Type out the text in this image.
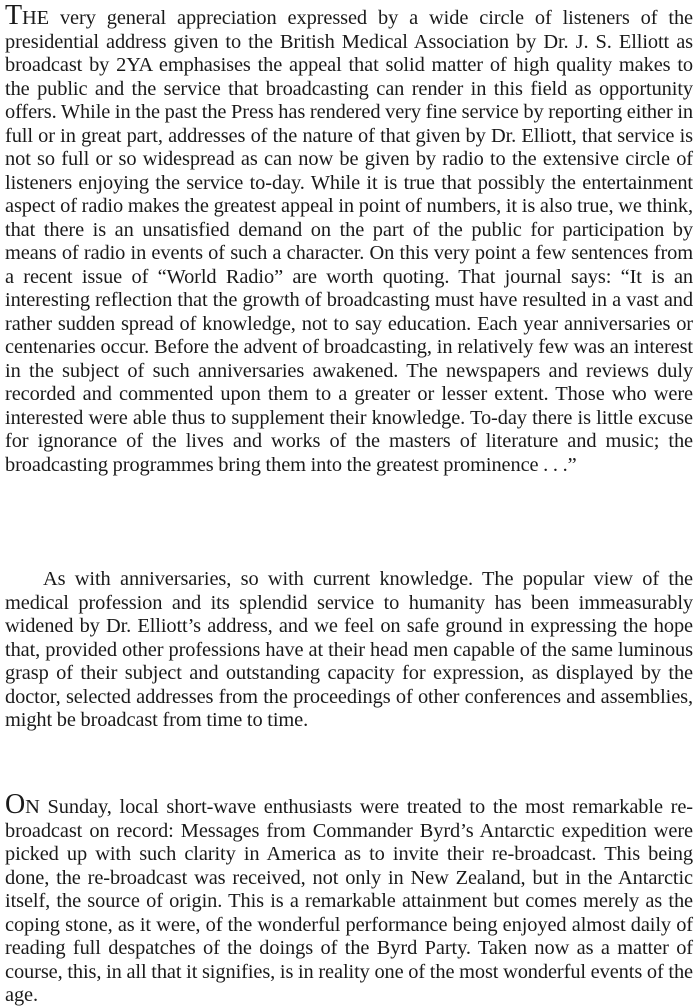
THE very general appreciation expressed by a wide circle of listeners of the presidential address given to the British Medical Association by Dr. J. S. Elliott as broadcast by 2YA emphasises the appeal that solid matter of high quality makes to the public and the service that broadcasting can render in this field as opportunity offers. While in the past the Press has rendered very fine service by reporting either in full or in great part, addresses of the nature of that given by Dr. Elliott, that service is not so full or so widespread as can now be given by radio to the extensive circle of listeners enjoying the service to-day. While it is true that possibly the entertainment aspect of radio makes the greatest appeal in point of numbers, it is also true, we think, that there is an unsatisfied demand on the part of the public for participation by means of radio in events of such a character. On this very point a few sentences from a recent issue of “World Radio” are worth quoting. That journal says: “It is an interesting reflection that the growth of broadcasting must have resulted in a vast and rather sudden spread of knowledge, not to say education. Each year anniversaries or centenaries occur. Before the advent of broadcasting, in relatively few was an interest in the subject of such anniversaries awakened. The newspapers and reviews duly recorded and commented upon them to a greater or lesser extent. Those who were interested were able thus to supplement their knowledge. To-day there is little excuse for ignorance of the lives and works of the masters of literature and music; the broadcasting programmes bring them into the greatest prominence . . .”

As with anniversaries, so with current knowledge. The popular view of the medical profession and its splendid service to humanity has been immeasurably widened by Dr. Elliott’s address, and we feel on safe ground in expressing the hope that, provided other professions have at their head men capable of the same luminous grasp of their subject and outstanding capacity for expression, as displayed by the doctor, selected addresses from the proceedings of other conferences and assemblies, might be broadcast from time to time.

ON Sunday, local short-wave enthusiasts were treated to the most remarkable re-broadcast on record: Messages from Commander Byrd’s Antarctic expedition were picked up with such clarity in America as to invite their re-broadcast. This being done, the re-broadcast was received, not only in New Zealand, but in the Antarctic itself, the source of origin. This is a remarkable attainment but comes merely as the coping stone, as it were, of the wonderful performance being enjoyed almost daily of reading full despatches of the doings of the Byrd Party. Taken now as a matter of course, this, in all that it signifies, is in reality one of the most wonderful events of the age.
